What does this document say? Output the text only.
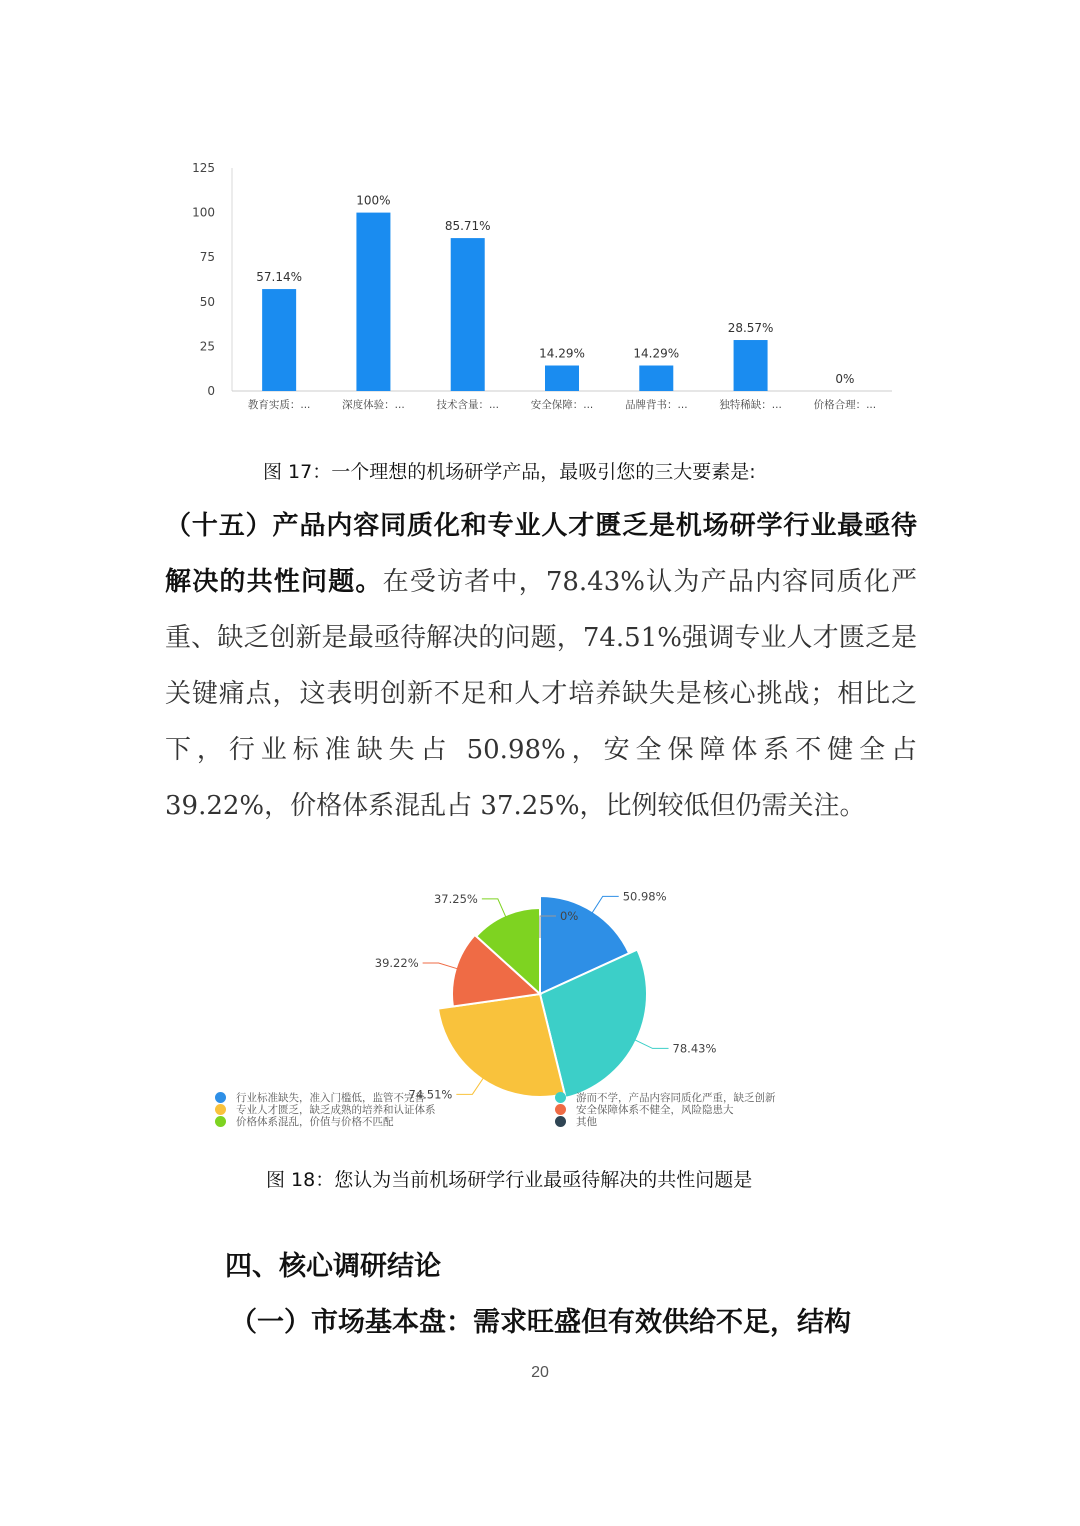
0
25
50
75
100
125
57.14%
100%
85.71%
14.29%	14.29%
28.57%
0%
教育实质：...	深度体验：...	技术含量：...	安全保障：...	品牌背书：...	独特稀缺：...	价格合理：...
图 17：一个理想的机场研学产品，最吸引您的三大要素是:
（十五）产品内容同质化和专业人才匮乏是机场研学行业最亟待解决的共性问题。在受访者中，78.43%认为产品内容同质化严重、缺乏创新是最亟待解决的问题，74.51%强调专业人才匮乏是关键痛点，这表明创新不足和人才培养缺失是核心挑战；相比之下，行业标准缺失占 50.98%，安全保障体系不健全占 39.22%，价格体系混乱占 37.25%，比例较低但仍需关注。
50.98%
78.43%
74.51%
39.22%
37.25%
0%
行业标准缺失，准入门槛低，监管不完善	游而不学，产品内容同质化严重，缺乏创新
专业人才匮乏，缺乏成熟的培养和认证体系	安全保障体系不健全，风险隐患大
价格体系混乱，价值与价格不匹配	其他
图 18：您认为当前机场研学行业最亟待解决的共性问题是
四、核心调研结论
（一）市场基本盘：需求旺盛但有效供给不足，结构
20
